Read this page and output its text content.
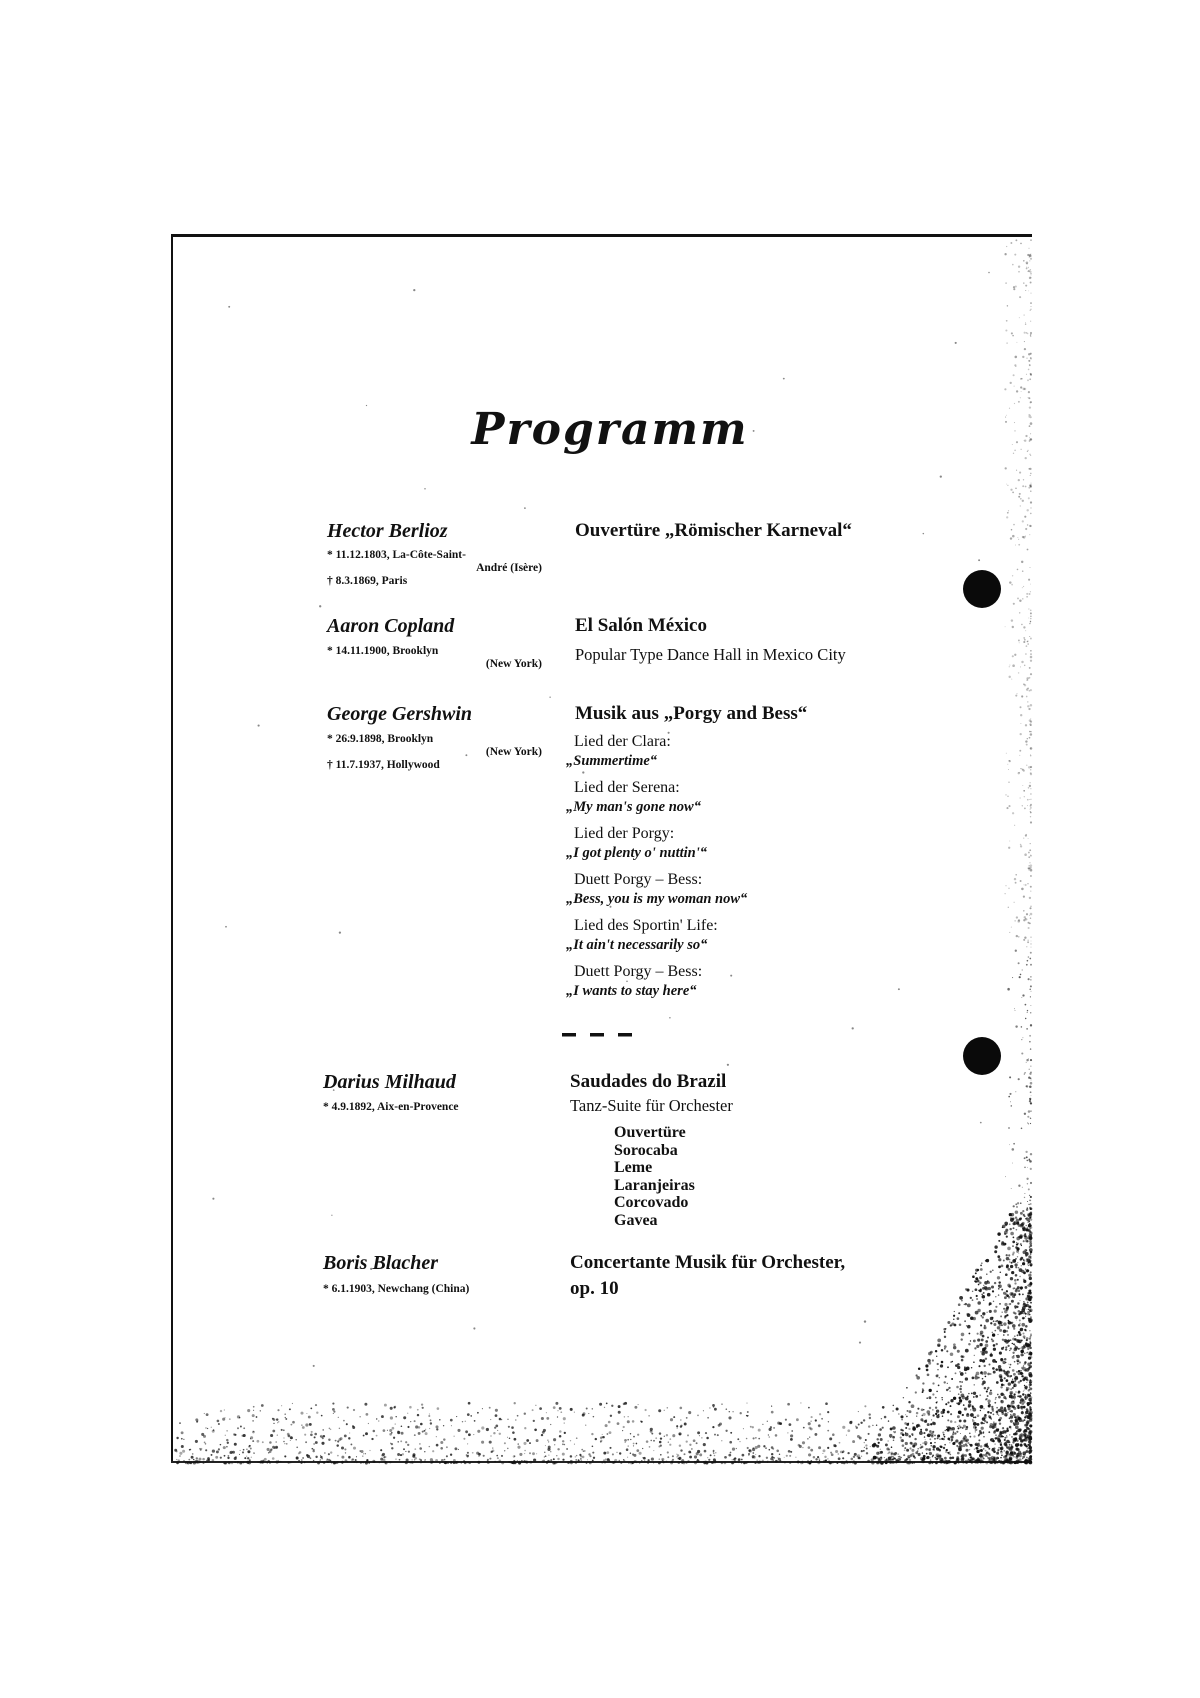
Programm
Hector Berlioz
* 11.12.1803, La-Côte-Saint-
André (Isère)
† 8.3.1869, Paris
Ouvertüre „Römischer Karneval“
Aaron Copland
* 14.11.1900, Brooklyn
(New York)
El Salón México
Popular Type Dance Hall in Mexico City
George Gershwin
* 26.9.1898, Brooklyn
(New York)
† 11.7.1937, Hollywood
Musik aus „Porgy and Bess“
Lied der Clara:
„Summertime“
Lied der Serena:
„My man's gone now“
Lied der Porgy:
„I got plenty o' nuttin'“
Duett Porgy – Bess:
„Bess, you is my woman now“
Lied des Sportin' Life:
„It ain't necessarily so“
Duett Porgy – Bess:
„I wants to stay here“
Darius Milhaud
* 4.9.1892, Aix-en-Provence
Saudades do Brazil
Tanz-Suite für Orchester
Ouvertüre
Sorocaba
Leme
Laranjeiras
Corcovado
Gavea
Boris Blacher
* 6.1.1903, Newchang (China)
Concertante Musik für Orchester,
op. 10
